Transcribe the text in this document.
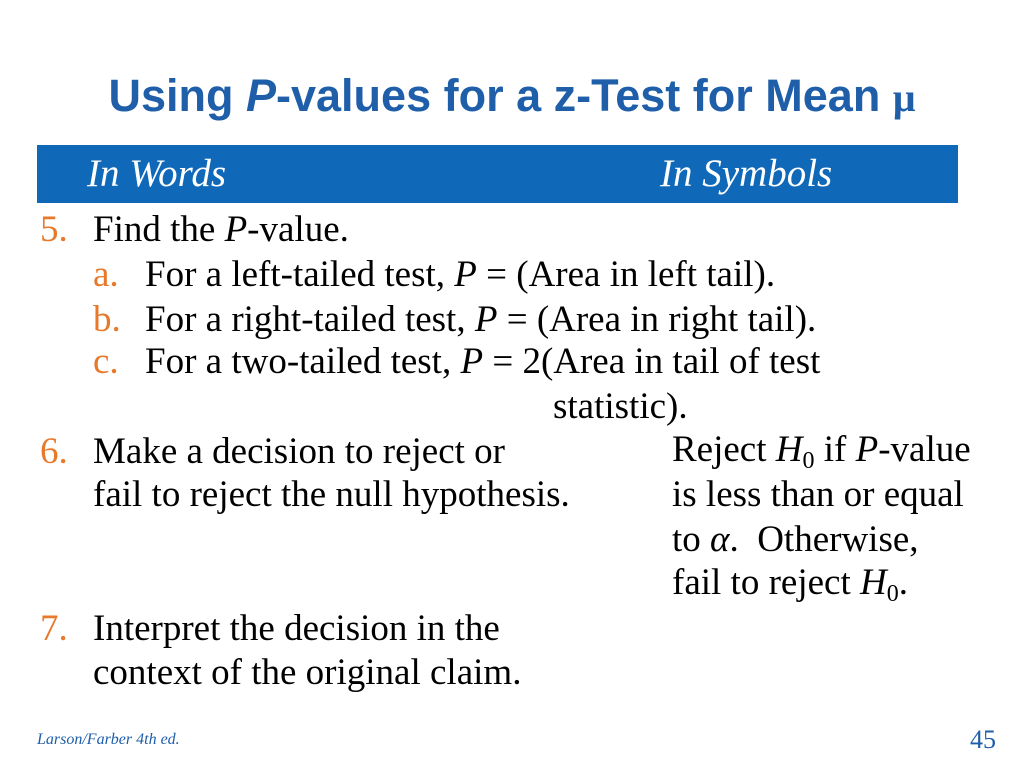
Using P-values for a z-Test for Mean μ
In Words	In Symbols
5. Find the P-value.
a. For a left-tailed test, P = (Area in left tail).
b. For a right-tailed test, P = (Area in right tail).
c. For a two-tailed test, P = 2(Area in tail of test
statistic).
6. Make a decision to reject or
fail to reject the null hypothesis.
Reject $H_0$ if P-value
is less than or equal
to α.  Otherwise,
fail to reject $H_0$.
7. Interpret the decision in the
context of the original claim.
Larson/Farber 4th ed.	45
